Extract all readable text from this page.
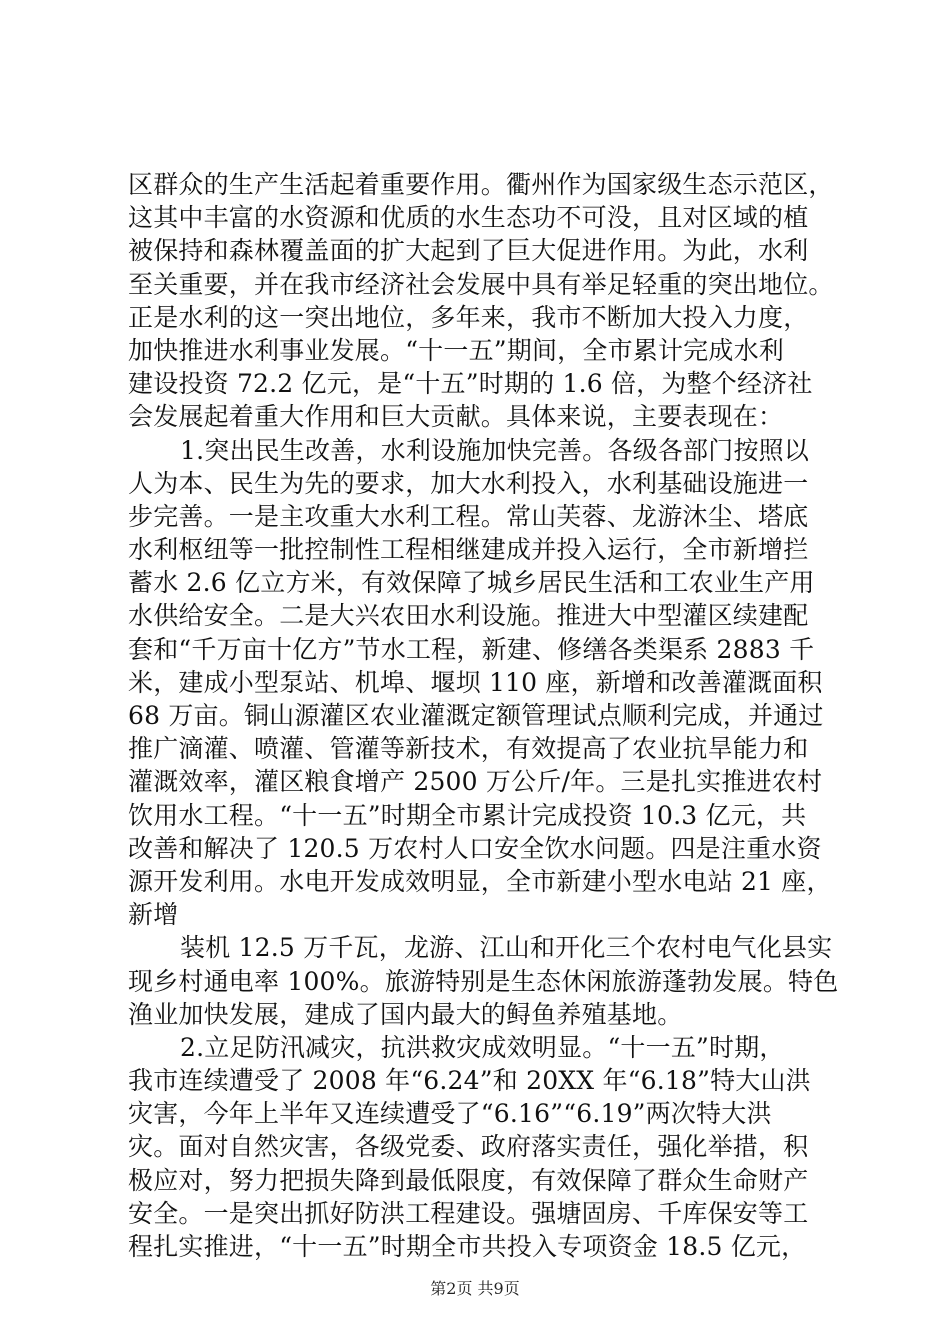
区群众的生产生活起着重要作用。衢州作为国家级生态示范区，
这其中丰富的水资源和优质的水生态功不可没，且对区域的植
被保持和森林覆盖面的扩大起到了巨大促进作用。为此，水利
至关重要，并在我市经济社会发展中具有举足轻重的突出地位。
正是水利的这一突出地位，多年来，我市不断加大投入力度，
加快推进水利事业发展。“十一五”期间，全市累计完成水利
建设投资 72.2 亿元，是“十五”时期的 1.6 倍，为整个经济社
会发展起着重大作用和巨大贡献。具体来说，主要表现在：
1.突出民生改善，水利设施加快完善。各级各部门按照以
人为本、民生为先的要求，加大水利投入，水利基础设施进一
步完善。一是主攻重大水利工程。常山芙蓉、龙游沐尘、塔底
水利枢纽等一批控制性工程相继建成并投入运行，全市新增拦
蓄水 2.6 亿立方米，有效保障了城乡居民生活和工农业生产用
水供给安全。二是大兴农田水利设施。推进大中型灌区续建配
套和“千万亩十亿方”节水工程，新建、修缮各类渠系 2883 千
米，建成小型泵站、机埠、堰坝 110 座，新增和改善灌溉面积
68 万亩。铜山源灌区农业灌溉定额管理试点顺利完成，并通过
推广滴灌、喷灌、管灌等新技术，有效提高了农业抗旱能力和
灌溉效率，灌区粮食增产 2500 万公斤/年。三是扎实推进农村
饮用水工程。“十一五”时期全市累计完成投资 10.3 亿元，共
改善和解决了 120.5 万农村人口安全饮水问题。四是注重水资
源开发利用。水电开发成效明显，全市新建小型水电站 21 座，
新增
装机 12.5 万千瓦，龙游、江山和开化三个农村电气化县实
现乡村通电率 100%。旅游特别是生态休闲旅游蓬勃发展。特色
渔业加快发展，建成了国内最大的鲟鱼养殖基地。
2.立足防汛减灾，抗洪救灾成效明显。“十一五”时期，
我市连续遭受了 2008 年“6.24”和 20XX 年“6.18”特大山洪
灾害，今年上半年又连续遭受了“6.16”“6.19”两次特大洪
灾。面对自然灾害，各级党委、政府落实责任，强化举措，积
极应对，努力把损失降到最低限度，有效保障了群众生命财产
安全。一是突出抓好防洪工程建设。强塘固房、千库保安等工
程扎实推进，“十一五”时期全市共投入专项资金 18.5 亿元，
第2页 共9页
